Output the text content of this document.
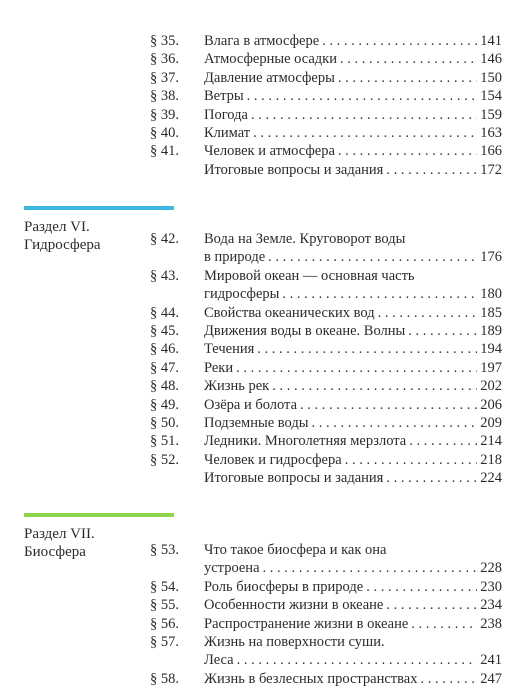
§ 35.	Влага в атмосфере . . .	141
§ 36.	Атмосферные осадки . . .	146
§ 37.	Давление атмосферы . . .	150
§ 38.	Ветры . . .	154
§ 39.	Погода . . .	159
§ 40.	Климат . . .	163
§ 41.	Человек и атмосфера . . .	166
Итоговые вопросы и задания . . .	172
Раздел VI.
Гидросфера	§ 42.	Вода на Земле. Круговорот воды
в природе . . .	176
§ 43.	Мировой океан — основная часть
гидросферы . . .	180
§ 44.	Свойства океанических вод . . .	185
§ 45.	Движения воды в океане. Волны . . .	189
§ 46.	Течения . . .	194
§ 47.	Реки . . .	197
§ 48.	Жизнь рек . . .	202
§ 49.	Озёра и болота . . .	206
§ 50.	Подземные воды . . .	209
§ 51.	Ледники. Многолетняя мерзлота . . .	214
§ 52.	Человек и гидросфера . . .	218
Итоговые вопросы и задания . . .	224
Раздел VII.
Биосфера	§ 53.	Что такое биосфера и как она
устроена . . .	228
§ 54.	Роль биосферы в природе . . .	230
§ 55.	Особенности жизни в океане . . .	234
§ 56.	Распространение жизни в океане . . .	238
§ 57.	Жизнь на поверхности суши.
Леса . . .	241
§ 58.	Жизнь в безлесных пространствах . . .	247
